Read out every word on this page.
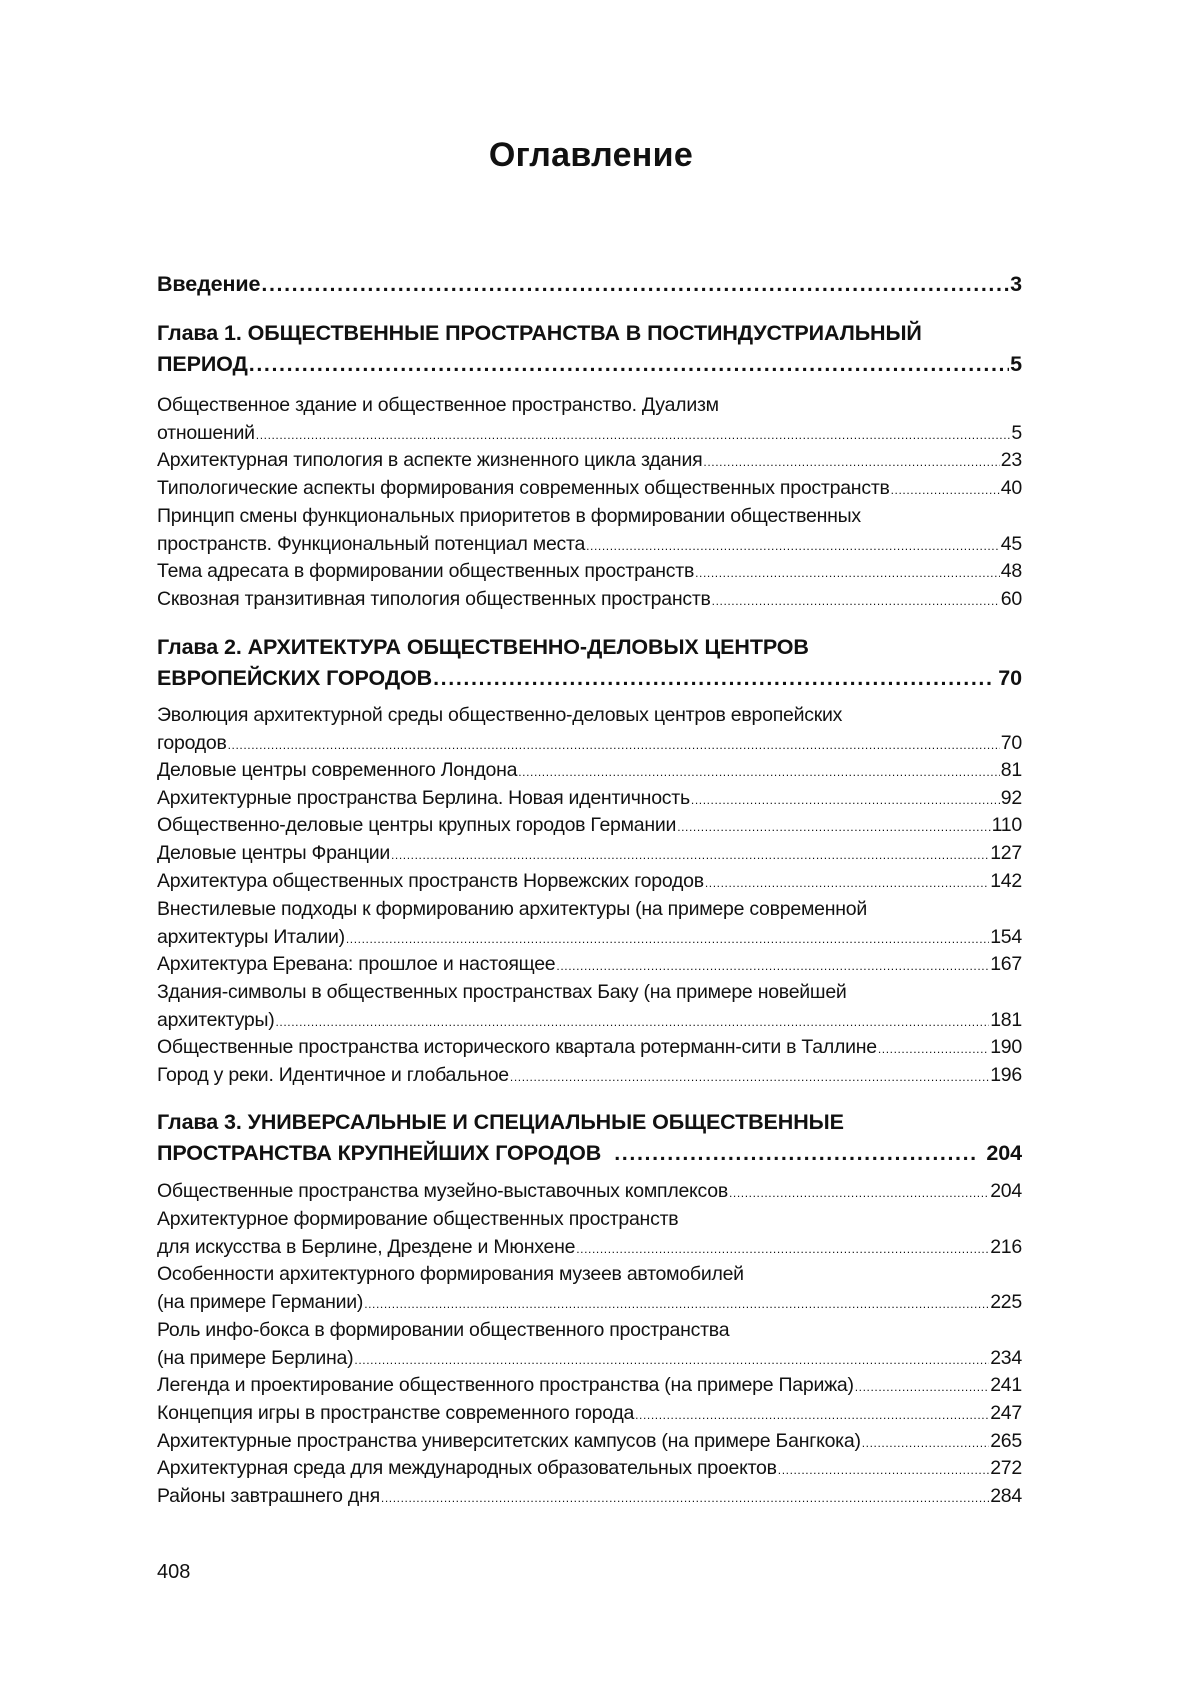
Оглавление
Введение .....	3
Глава 1. ОБЩЕСТВЕННЫЕ ПРОСТРАНСТВА В ПОСТИНДУСТРИАЛЬНЫЙ
ПЕРИОД .....	5
Общественное здание и общественное пространство. Дуализм
отношений .....	5
Архитектурная типология в аспекте жизненного цикла здания .....	23
Типологические аспекты формирования современных общественных пространств .....	40
Принцип смены функциональных приоритетов в формировании общественных
пространств. Функциональный потенциал места .....	45
Тема адресата в формировании общественных пространств .....	48
Сквозная транзитивная типология общественных пространств .....	60
Глава 2. АРХИТЕКТУРА ОБЩЕСТВЕННО-ДЕЛОВЫХ ЦЕНТРОВ
ЕВРОПЕЙСКИХ ГОРОДОВ .....	70
Эволюция архитектурной среды общественно-деловых центров европейских
городов .....	70
Деловые центры современного Лондона .....	81
Архитектурные пространства Берлина. Новая идентичность .....	92
Общественно-деловые центры крупных городов Германии .....	110
Деловые центры Франции .....	127
Архитектура общественных пространств Норвежских городов .....	142
Внестилевые подходы к формированию архитектуры (на примере современной
архитектуры Италии) .....	154
Архитектура Еревана: прошлое и настоящее .....	167
Здания-символы в общественных пространствах Баку (на примере новейшей
архитектуры) .....	181
Общественные пространства исторического квартала ротерманн-сити в Таллине .....	190
Город у реки. Идентичное и глобальное .....	196
Глава 3. УНИВЕРСАЛЬНЫЕ И СПЕЦИАЛЬНЫЕ ОБЩЕСТВЕННЫЕ
ПРОСТРАНСТВА КРУПНЕЙШИХ ГОРОДОВ .....	204
Общественные пространства музейно-выставочных комплексов .....	204
Архитектурное формирование общественных пространств
для искусства в Берлине, Дрездене и Мюнхене .....	216
Особенности архитектурного формирования музеев автомобилей
(на примере Германии) .....	225
Роль инфо-бокса в формировании общественного пространства
(на примере Берлина) .....	234
Легенда и проектирование общественного пространства (на примере Парижа) .....	241
Концепция игры в пространстве современного города .....	247
Архитектурные пространства университетских кампусов (на примере Бангкока) .....	265
Архитектурная среда для международных образовательных проектов .....	272
Районы завтрашнего дня .....	284

408
